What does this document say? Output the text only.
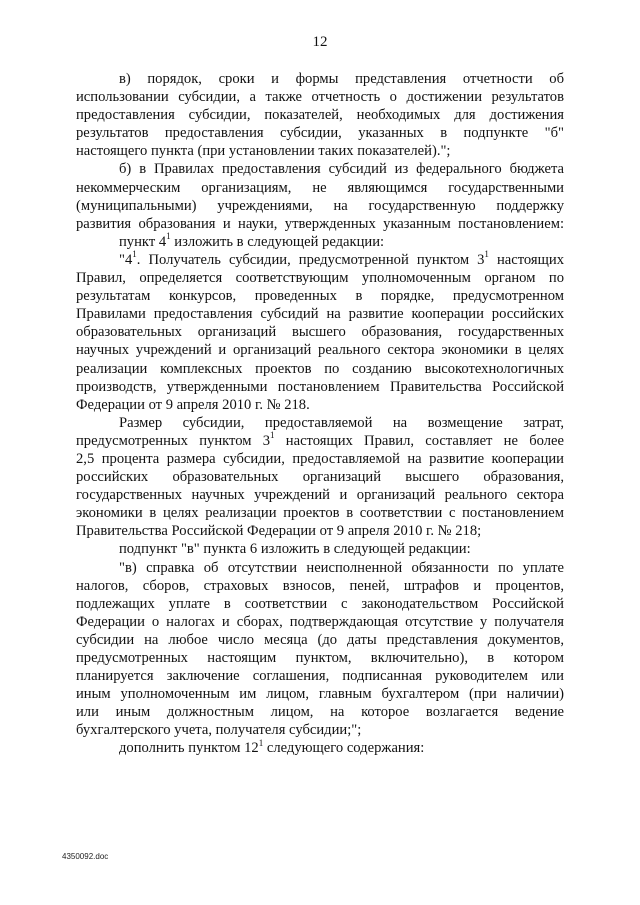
12
в) порядок, сроки и формы представления отчетности об
использовании субсидии, а также отчетность о достижении результатов
предоставления субсидии, показателей, необходимых для достижения
результатов предоставления субсидии, указанных в подпункте "б"
настоящего пункта (при установлении таких показателей).";
б) в Правилах предоставления субсидий из федерального бюджета
некоммерческим организациям, не являющимся государственными
(муниципальными) учреждениями, на государственную поддержку
развития образования и науки, утвержденных указанным постановлением:
пункт $4^1$ изложить в следующей редакции:
"$4^1$. Получатель субсидии, предусмотренной пунктом $3^1$ настоящих
Правил, определяется соответствующим уполномоченным органом по
результатам конкурсов, проведенных в порядке, предусмотренном
Правилами предоставления субсидий на развитие кооперации российских
образовательных организаций высшего образования, государственных
научных учреждений и организаций реального сектора экономики в целях
реализации комплексных проектов по созданию высокотехнологичных
производств, утвержденными постановлением Правительства Российской
Федерации от 9 апреля 2010 г. № 218.
Размер субсидии, предоставляемой на возмещение затрат,
предусмотренных пунктом $3^1$ настоящих Правил, составляет не более
2,5 процента размера субсидии, предоставляемой на развитие кооперации
российских образовательных организаций высшего образования,
государственных научных учреждений и организаций реального сектора
экономики в целях реализации проектов в соответствии с постановлением
Правительства Российской Федерации от 9 апреля 2010 г. № 218;
подпункт "в" пункта 6 изложить в следующей редакции:
"в) справка об отсутствии неисполненной обязанности по уплате
налогов, сборов, страховых взносов, пеней, штрафов и процентов,
подлежащих уплате в соответствии с законодательством Российской
Федерации о налогах и сборах, подтверждающая отсутствие у получателя
субсидии на любое число месяца (до даты представления документов,
предусмотренных настоящим пунктом, включительно), в котором
планируется заключение соглашения, подписанная руководителем или
иным уполномоченным им лицом, главным бухгалтером (при наличии)
или иным должностным лицом, на которое возлагается ведение
бухгалтерского учета, получателя субсидии;";
дополнить пунктом $12^1$ следующего содержания:
4350092.doc
